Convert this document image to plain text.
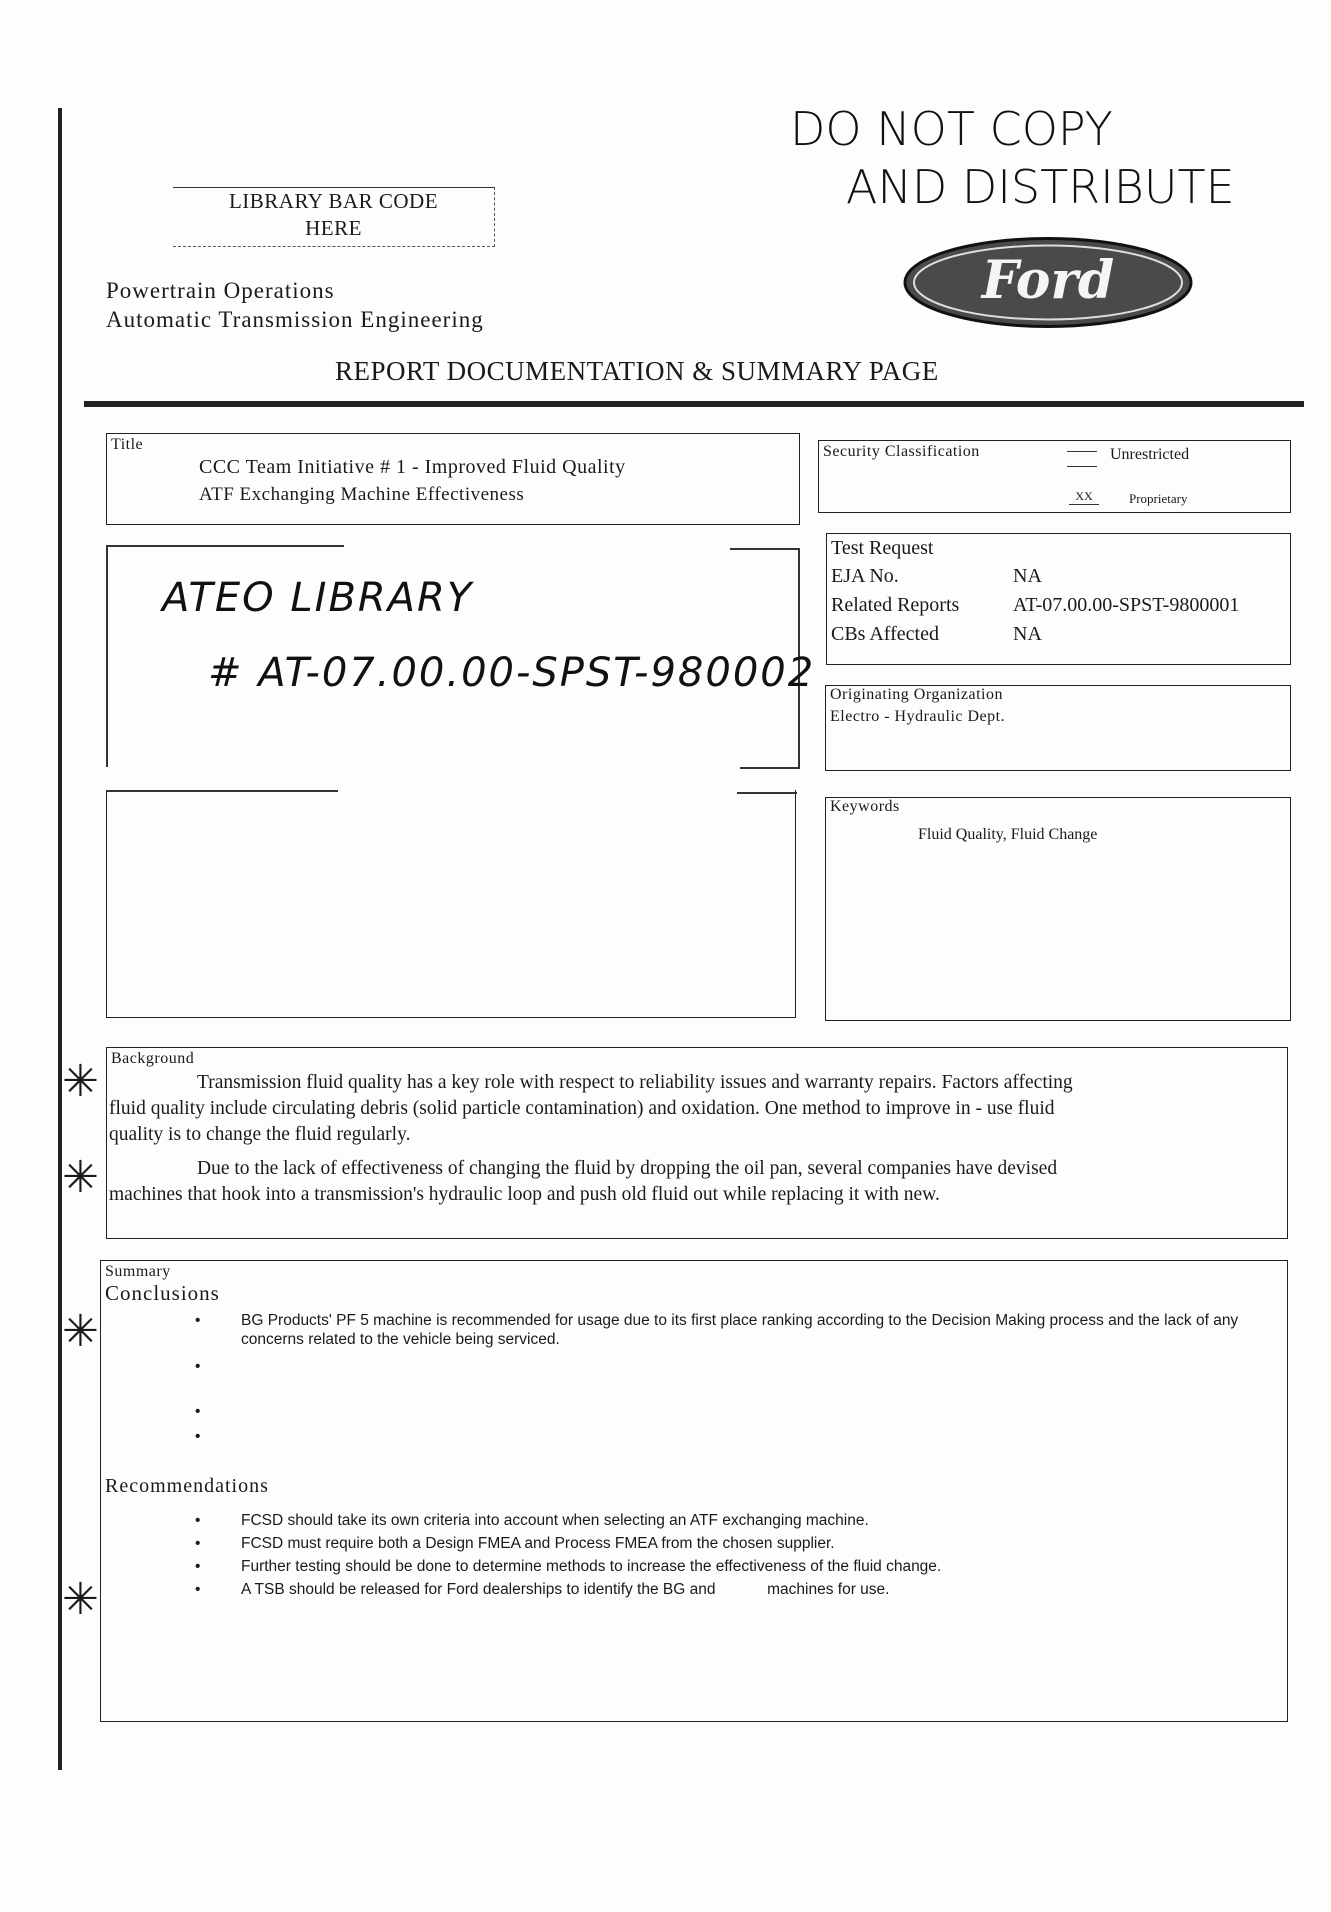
DO NOT COPY
AND DISTRIBUTE
LIBRARY BAR CODE
HERE
Ford
Powertrain Operations
Automatic Transmission Engineering
REPORT DOCUMENTATION & SUMMARY PAGE
Title
CCC Team Initiative # 1 - Improved Fluid Quality
ATF Exchanging Machine Effectiveness
Security Classification	Unrestricted
XX	Proprietary
Test Request
EJA No.	NA
Related Reports	AT-07.00.00-SPST-9800001
CBs Affected	NA
ATEO LIBRARY
# AT-07.00.00-SPST-980002 Originating Organization
Electro - Hydraulic Dept.
Keywords
Fluid Quality, Fluid Change
Background
Transmission fluid quality has a key role with respect to reliability issues and warranty repairs. Factors affecting
fluid quality include circulating debris (solid particle contamination) and oxidation. One method to improve in - use fluid
quality is to change the fluid regularly.
Due to the lack of effectiveness of changing the fluid by dropping the oil pan, several companies have devised
machines that hook into a transmission's hydraulic loop and push old fluid out while replacing it with new.
✳
✳
✳
✳
Summary
Conclusions
• BG Products' PF 5 machine is recommended for usage due to its first place ranking according to the Decision Making process and the lack of any concerns related to the vehicle being serviced.
•
•
•
Recommendations
• FCSD should take its own criteria into account when selecting an ATF exchanging machine.
• FCSD must require both a Design FMEA and Process FMEA from the chosen supplier.
• Further testing should be done to determine methods to increase the effectiveness of the fluid change.
• A TSB should be released for Ford dealerships to identify the BG and            machines for use.
